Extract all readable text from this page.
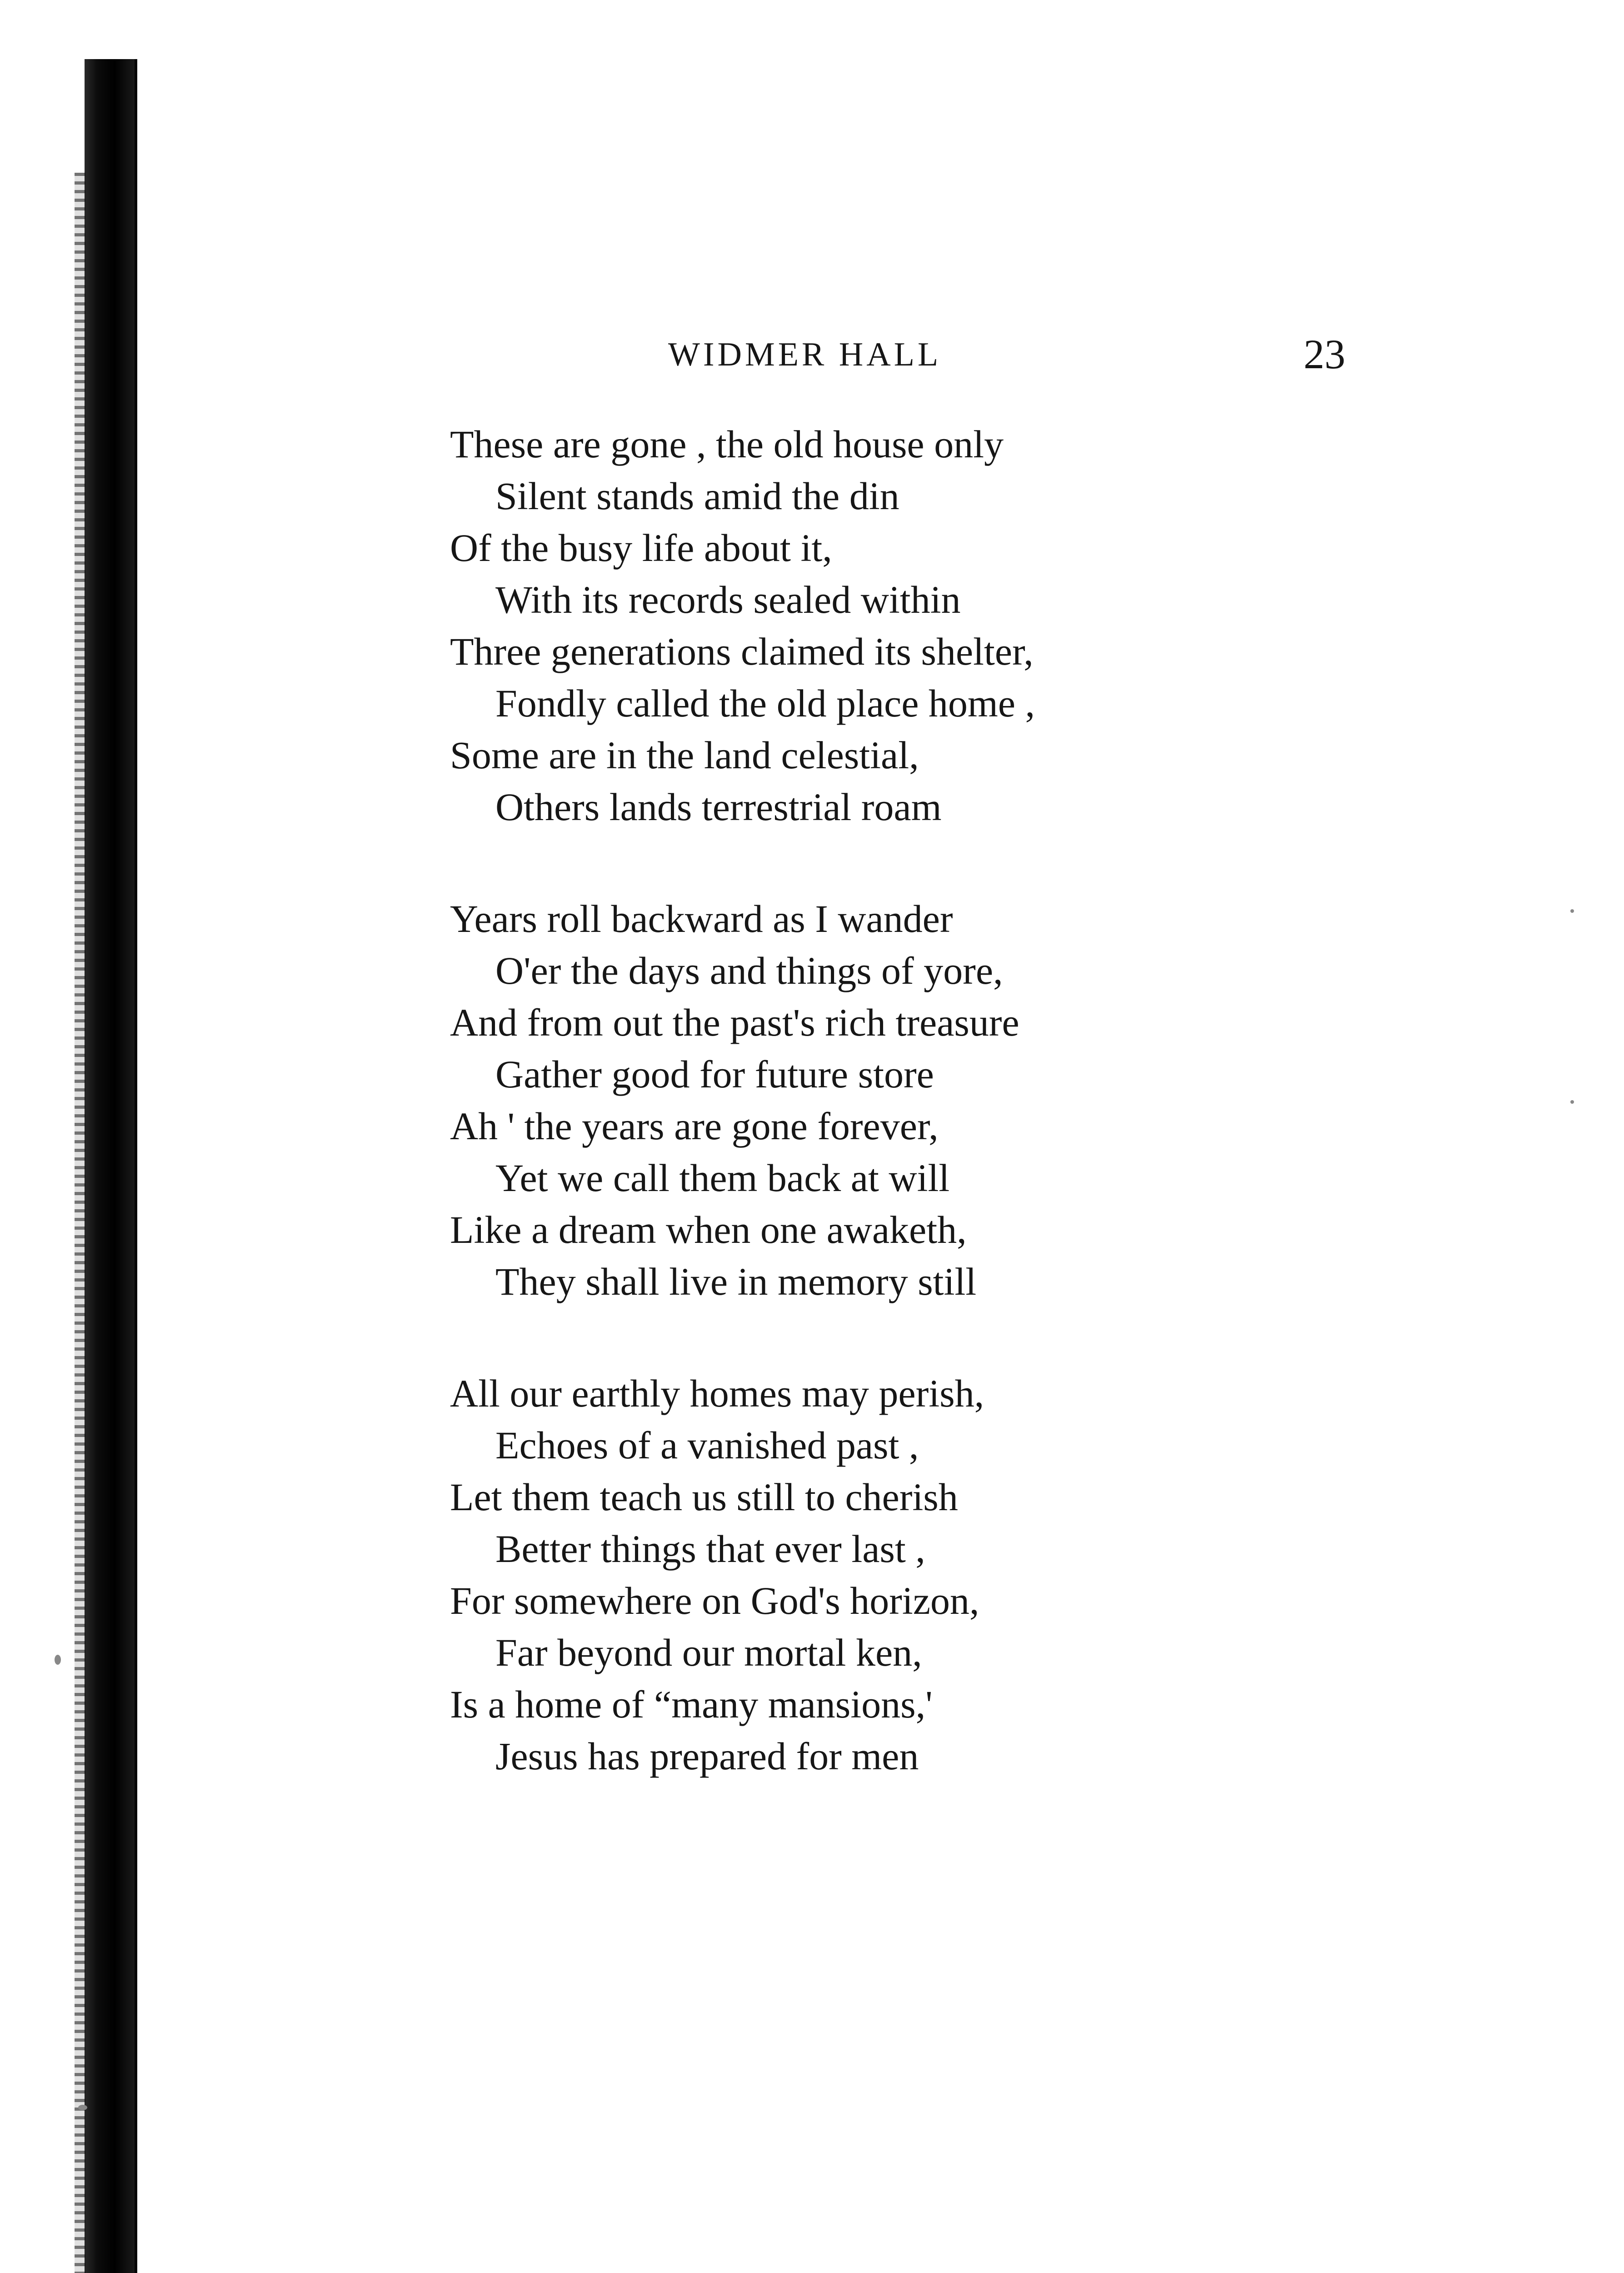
WIDMER HALL	23
These are gone , the old house only
Silent stands amid the din
Of the busy life about it,
With its records sealed within
Three generations claimed its shelter,
Fondly called the old place home ,
Some are in the land celestial,
Others lands terrestrial roam
Years roll backward as I wander
O'er the days and things of yore,
And from out the past's rich treasure
Gather good for future store
Ah ' the years are gone forever,
Yet we call them back at will
Like a dream when one awaketh,
They shall live in memory still
All our earthly homes may perish,
Echoes of a vanished past ,
Let them teach us still to cherish
Better things that ever last ,
For somewhere on God's horizon,
Far beyond our mortal ken,
Is a home of “many mansions,'
Jesus has prepared for men
